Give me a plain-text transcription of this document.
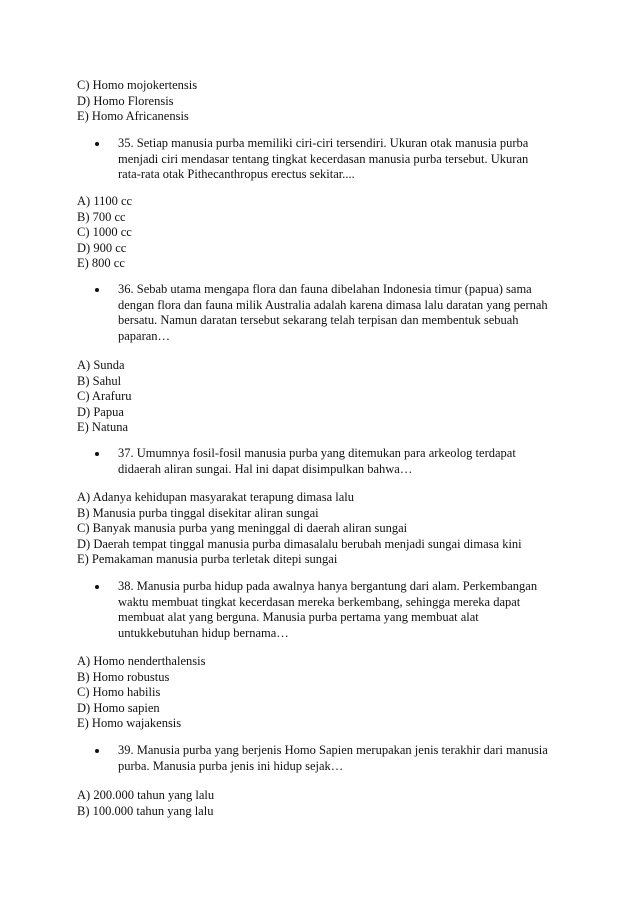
C) Homo mojokertensis
D) Homo Florensis
E) Homo Africanensis
35. Setiap manusia purba memiliki ciri-ciri tersendiri. Ukuran otak manusia purba
menjadi ciri mendasar tentang tingkat kecerdasan manusia purba tersebut. Ukuran
rata-rata otak Pithecanthropus erectus sekitar....
A) 1100 cc
B) 700 cc
C) 1000 cc
D) 900 cc
E) 800 cc
36. Sebab utama mengapa flora dan fauna dibelahan Indonesia timur (papua) sama
dengan flora dan fauna milik Australia adalah karena dimasa lalu daratan yang pernah
bersatu. Namun daratan tersebut sekarang telah terpisan dan membentuk sebuah
paparan…
A) Sunda
B) Sahul
C) Arafuru
D) Papua
E) Natuna
37. Umumnya fosil-fosil manusia purba yang ditemukan para arkeolog terdapat
didaerah aliran sungai. Hal ini dapat disimpulkan bahwa…
A) Adanya kehidupan masyarakat terapung dimasa lalu
B) Manusia purba tinggal disekitar aliran sungai
C) Banyak manusia purba yang meninggal di daerah aliran sungai
D) Daerah tempat tinggal manusia purba dimasalalu berubah menjadi sungai dimasa kini
E) Pemakaman manusia purba terletak ditepi sungai
38. Manusia purba hidup pada awalnya hanya bergantung dari alam. Perkembangan
waktu membuat tingkat kecerdasan mereka berkembang, sehingga mereka dapat
membuat alat yang berguna. Manusia purba pertama yang membuat alat
untukkebutuhan hidup bernama…
A) Homo nenderthalensis
B) Homo robustus
C) Homo habilis
D) Homo sapien
E) Homo wajakensis
39. Manusia purba yang berjenis Homo Sapien merupakan jenis terakhir dari manusia
purba. Manusia purba jenis ini hidup sejak…
A) 200.000 tahun yang lalu
B) 100.000 tahun yang lalu
